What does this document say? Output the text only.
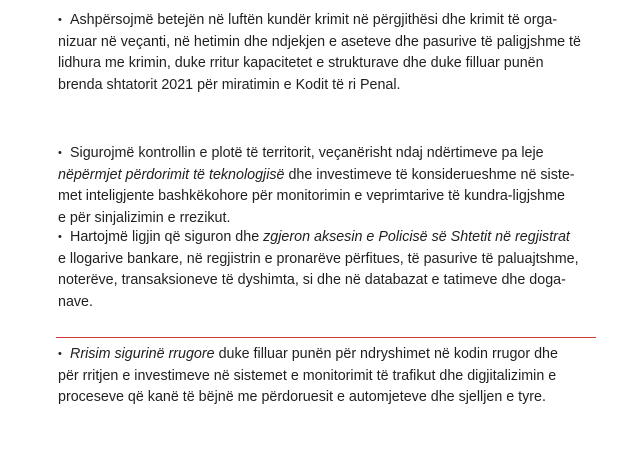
• Ashpërsojmë betejën në luftën kundër krimit në përgjithësi dhe krimit të orga-
nizuar në veçanti, në hetimin dhe ndjekjen e aseteve dhe pasurive të paligjshme të
lidhura me krimin, duke rritur kapacitetet e strukturave dhe duke filluar punën
brenda shtatorit 2021 për miratimin e Kodit të ri Penal.
• Sigurojmë kontrollin e plotë të territorit, veçanërisht ndaj ndërtimeve pa leje
nëpërmjet përdorimit të teknologjisë dhe investimeve të konsiderueshme në siste-
met inteligjente bashkëkohore për monitorimin e veprimtarive të kundra-ligjshme
e për sinjalizimin e rrezikut.
• Hartojmë ligjin që siguron dhe zgjeron aksesin e Policisë së Shtetit në regjistrat
e llogarive bankare, në regjistrin e pronarëve përfitues, të pasurive të paluajtshme,
noterëve, transaksioneve të dyshimta, si dhe në databazat e tatimeve dhe doga-
nave.
• Rrisim sigurinë rrugore duke filluar punën për ndryshimet në kodin rrugor dhe
për rritjen e investimeve në sistemet e monitorimit të trafikut dhe digjitalizimin e
proceseve që kanë të bëjnë me përdoruesit e automjeteve dhe sjelljen e tyre.
